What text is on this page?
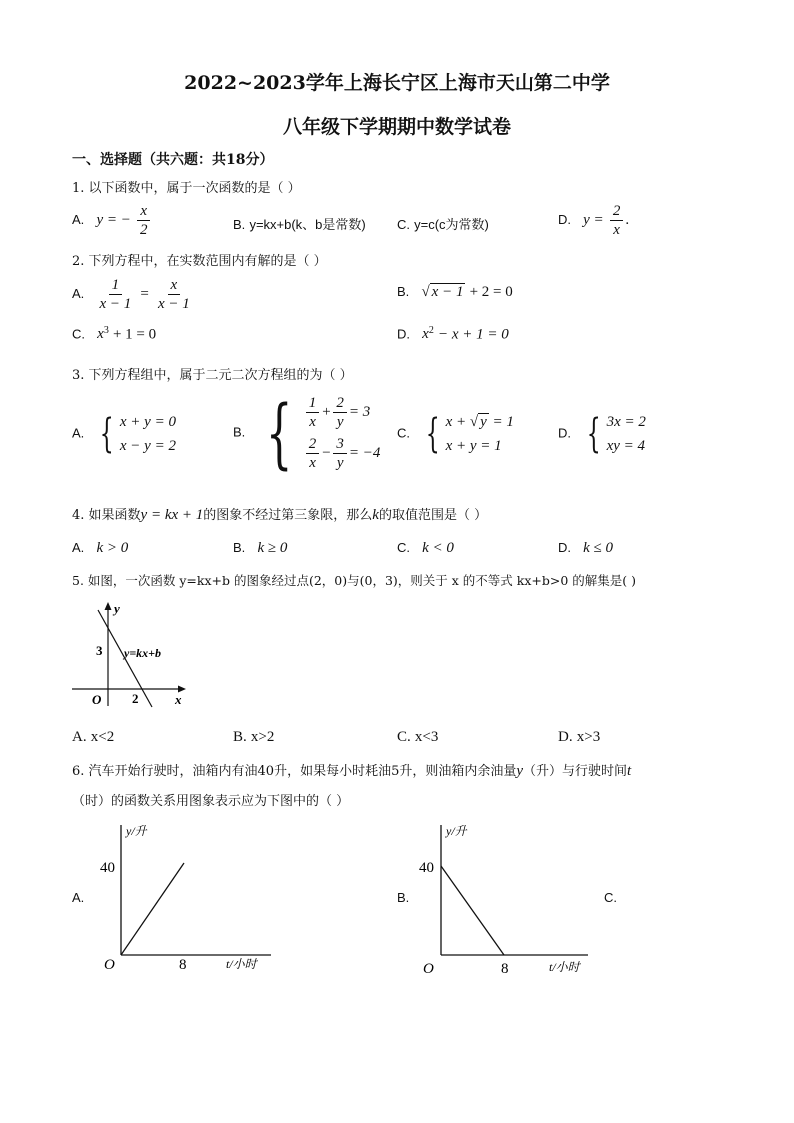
2022~2023学年上海长宁区上海市天山第二中学
八年级下学期期中数学试卷
一、选择题（共六题：共18分）
1. 以下函数中，属于一次函数的是（ ）
A. y = − $\frac{x}{2}$	B. y=kx+b(k、b是常数) C. y=c(c为常数)	D. $y = \frac{2}{x}$ .
2. 下列方程中，在实数范围内有解的是（ ）
A. $\frac{1}{x - 1} = \frac{x}{x - 1}$	B. √ x − 1 + 2 = 0
C. $x^3 + 1 = 0$	D. $x^2 - x + 1 = 0$
3. 下列方程组中，属于二元二次方程组的为（ ）
A. { x + y = 0
x − y = 2
B. { $\frac{1}{x} + \frac{2}{y} = 3$
$\frac{2}{x} - \frac{3}{y} = -4$
C. { x + √ y = 1
x + y = 1
D. { 3x = 2
xy = 4
4. 如果函数y = kx + 1的图象不经过第三象限，那么k的取值范围是（ ）
A. k > 0	B. k ≥ 0	C. k < 0	D. k ≤ 0
5. 如图，一次函数 y=kx+b 的图象经过点(2，0)与(0，3)，则关于 x 的不等式 kx+b>0 的解集是( )
y
x
O
3
2
y=kx+b
A. x<2	B. x>2	C. x<3	D. x>3
6. 汽车开始行驶时，油箱内有油40升，如果每小时耗油5升，则油箱内余油量y（升）与行驶时间t
（时）的函数关系用图象表示应为下图中的（ ）
A.
y/升
t/小时
O
40
8
B.
y/升
t/小时
O
40
8
C.
